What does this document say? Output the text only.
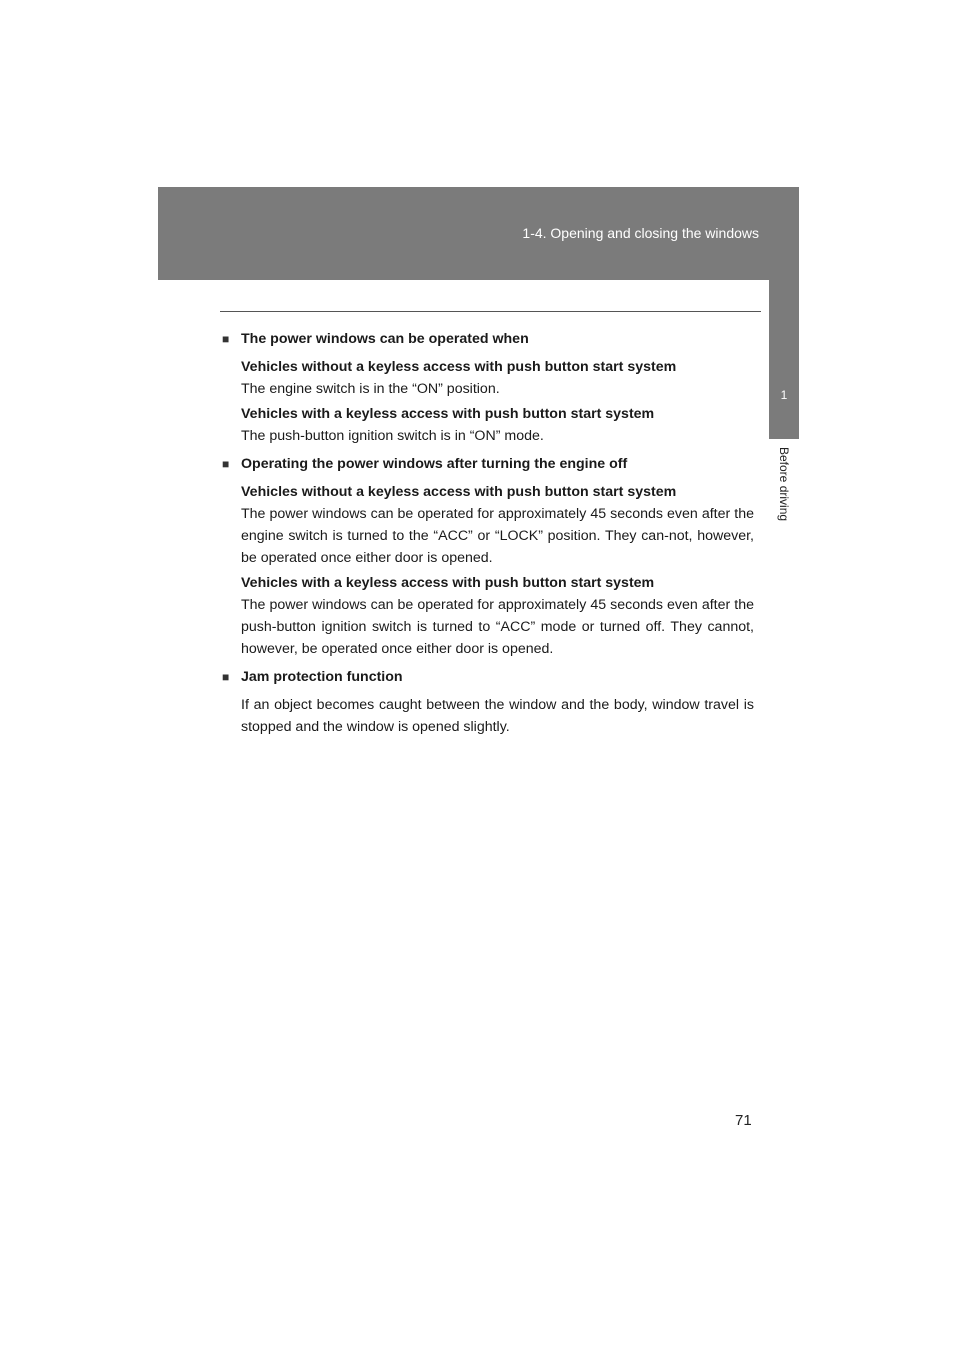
1-4. Opening and closing the windows
1
Before driving

■ The power windows can be operated when

Vehicles without a keyless access with push button start system

The engine switch is in the “ON” position.

Vehicles with a keyless access with push button start system

The push-button ignition switch is in “ON” mode.

■ Operating the power windows after turning the engine off

Vehicles without a keyless access with push button start system

The power windows can be operated for approximately 45 seconds even after the engine switch is turned to the “ACC” or “LOCK” position. They can-not, however, be operated once either door is opened.

Vehicles with a keyless access with push button start system

The power windows can be operated for approximately 45 seconds even after the push-button ignition switch is turned to “ACC” mode or turned off. They cannot, however, be operated once either door is opened.

■ Jam protection function

If an object becomes caught between the window and the body, window travel is stopped and the window is opened slightly.

71
